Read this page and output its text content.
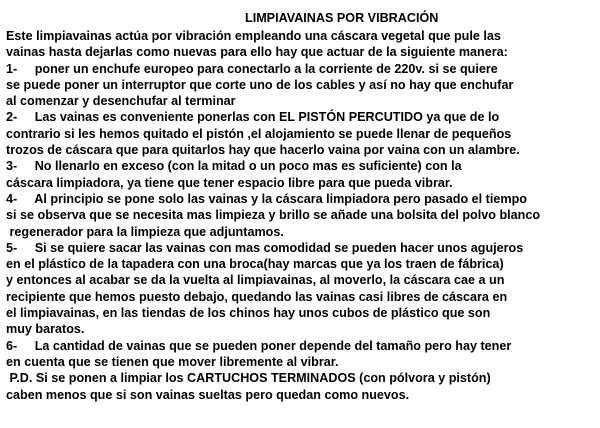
LIMPIAVAINAS POR VIBRACIÓN
Este limpiavainas actúa por vibración empleando una cáscara vegetal que pule las
vainas hasta dejarlas como nuevas para ello hay que actuar de la siguiente manera:
1-     poner un enchufe europeo para conectarlo a la corriente de 220v. si se quiere
se puede poner un interruptor que corte uno de los cables y así no hay que enchufar
al comenzar y desenchufar al terminar
2-     Las vainas es conveniente ponerlas con EL PISTÓN PERCUTIDO ya que de lo
contrario si les hemos quitado el pistón ,el alojamiento se puede llenar de pequeños
trozos de cáscara que para quitarlos hay que hacerlo vaina por vaina con un alambre.
3-     No llenarlo en exceso (con la mitad o un poco mas es suficiente) con la
cáscara limpiadora, ya tiene que tener espacio libre para que pueda vibrar.
4-     Al principio se pone solo las vainas y la cáscara limpiadora pero pasado el tiempo
si se observa que se necesita mas limpieza y brillo se añade una bolsita del polvo blanco
regenerador para la limpieza que adjuntamos.
5-     Si se quiere sacar las vainas con mas comodidad se pueden hacer unos agujeros
en el plástico de la tapadera con una broca(hay marcas que ya los traen de fábrica)
y entonces al acabar se da la vuelta al limpiavainas, al moverlo, la cáscara cae a un
recipiente que hemos puesto debajo, quedando las vainas casi libres de cáscara en
el limpiavainas, en las tiendas de los chinos hay unos cubos de plástico que son
muy baratos.
6-     La cantidad de vainas que se pueden poner depende del tamaño pero hay tener
en cuenta que se tienen que mover libremente al vibrar.
P.D. Si se ponen a limpiar los CARTUCHOS TERMINADOS (con pólvora y pistón)
caben menos que si son vainas sueltas pero quedan como nuevos.
